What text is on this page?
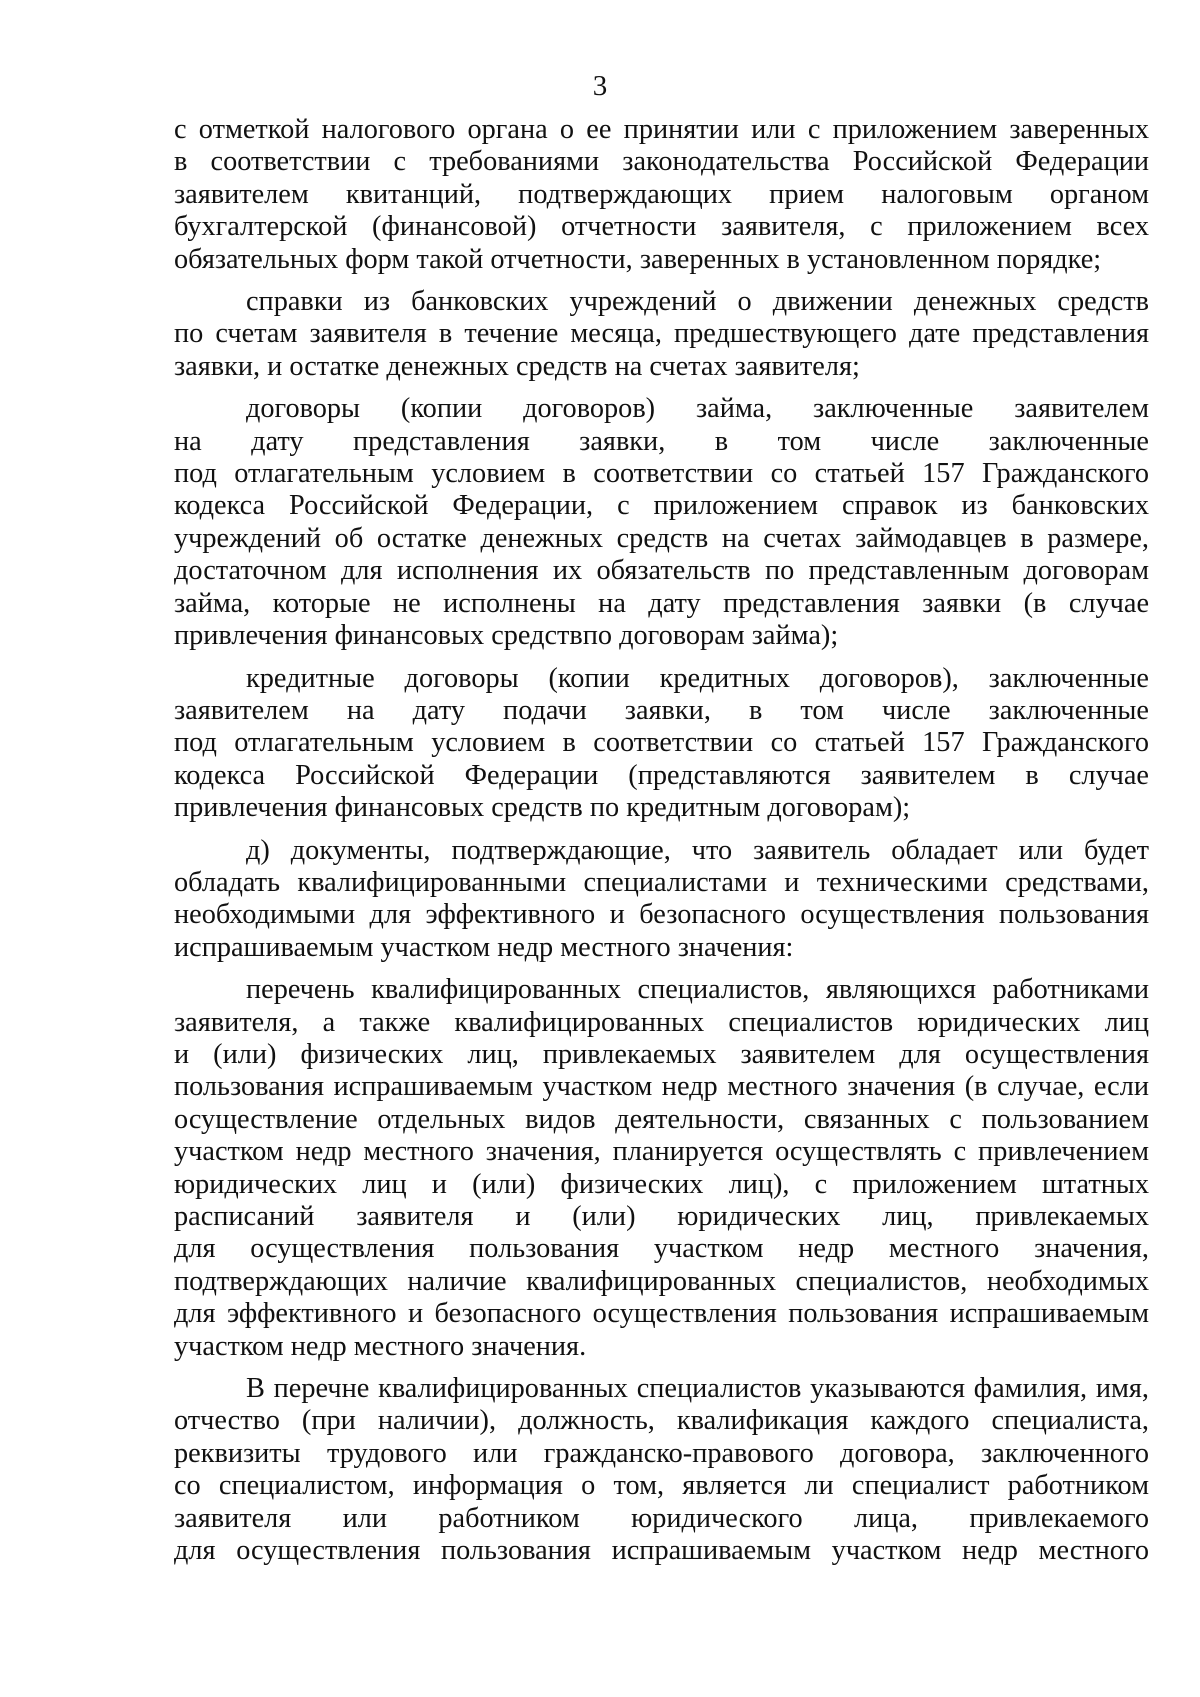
3
с отметкой налогового органа о ее принятии или с приложением заверенных
в соответствии с требованиями законодательства Российской Федерации
заявителем квитанций, подтверждающих прием налоговым органом
бухгалтерской (финансовой) отчетности заявителя, с приложением всех
обязательных форм такой отчетности, заверенных в установленном порядке;
справки из банковских учреждений о движении денежных средств
по счетам заявителя в течение месяца, предшествующего дате представления
заявки, и остатке денежных средств на счетах заявителя;
договоры (копии договоров) займа, заключенные заявителем
на дату представления заявки, в том числе заключенные
под отлагательным условием в соответствии со статьей 157 Гражданского
кодекса Российской Федерации, с приложением справок из банковских
учреждений об остатке денежных средств на счетах займодавцев в размере,
достаточном для исполнения их обязательств по представленным договорам
займа, которые не исполнены на дату представления заявки (в случае
привлечения финансовых средствпо договорам займа);
кредитные договоры (копии кредитных договоров), заключенные
заявителем на дату подачи заявки, в том числе заключенные
под отлагательным условием в соответствии со статьей 157 Гражданского
кодекса Российской Федерации (представляются заявителем в случае
привлечения финансовых средств по кредитным договорам);
д) документы, подтверждающие, что заявитель обладает или будет
обладать квалифицированными специалистами и техническими средствами,
необходимыми для эффективного и безопасного осуществления пользования
испрашиваемым участком недр местного значения:
перечень квалифицированных специалистов, являющихся работниками
заявителя, а также квалифицированных специалистов юридических лиц
и (или) физических лиц, привлекаемых заявителем для осуществления
пользования испрашиваемым участком недр местного значения (в случае, если
осуществление отдельных видов деятельности, связанных с пользованием
участком недр местного значения, планируется осуществлять с привлечением
юридических лиц и (или) физических лиц), с приложением штатных
расписаний заявителя и (или) юридических лиц, привлекаемых
для осуществления пользования участком недр местного значения,
подтверждающих наличие квалифицированных специалистов, необходимых
для эффективного и безопасного осуществления пользования испрашиваемым
участком недр местного значения.
В перечне квалифицированных специалистов указываются фамилия, имя,
отчество (при наличии), должность, квалификация каждого специалиста,
реквизиты трудового или гражданско-правового договора, заключенного
со специалистом, информация о том, является ли специалист работником
заявителя или работником юридического лица, привлекаемого
для осуществления пользования испрашиваемым участком недр местного
